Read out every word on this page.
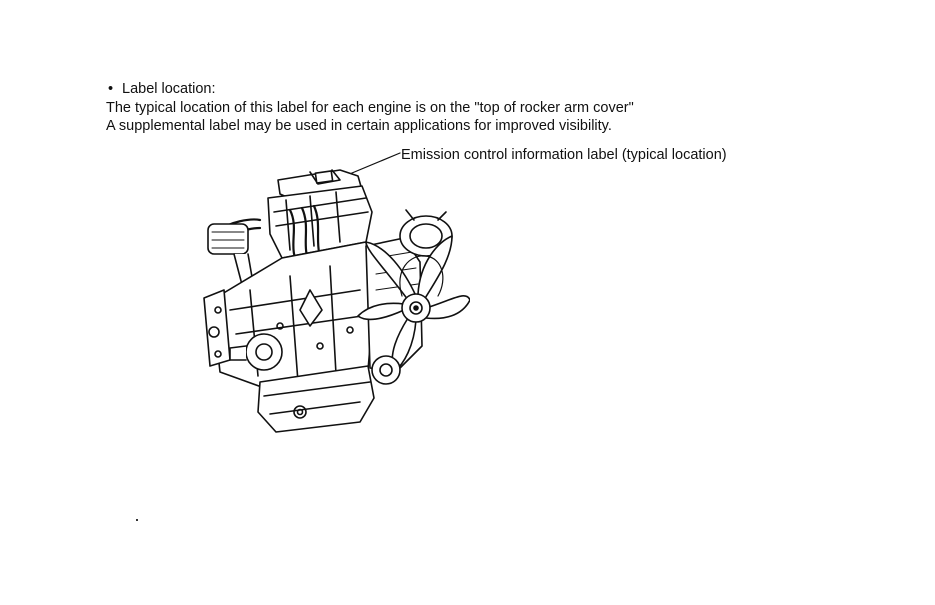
• Label location:
The typical location of this label for each engine is on the "top of rocker arm cover"
A supplemental label may be used in certain applications for improved visibility.
Emission control information label (typical location)
